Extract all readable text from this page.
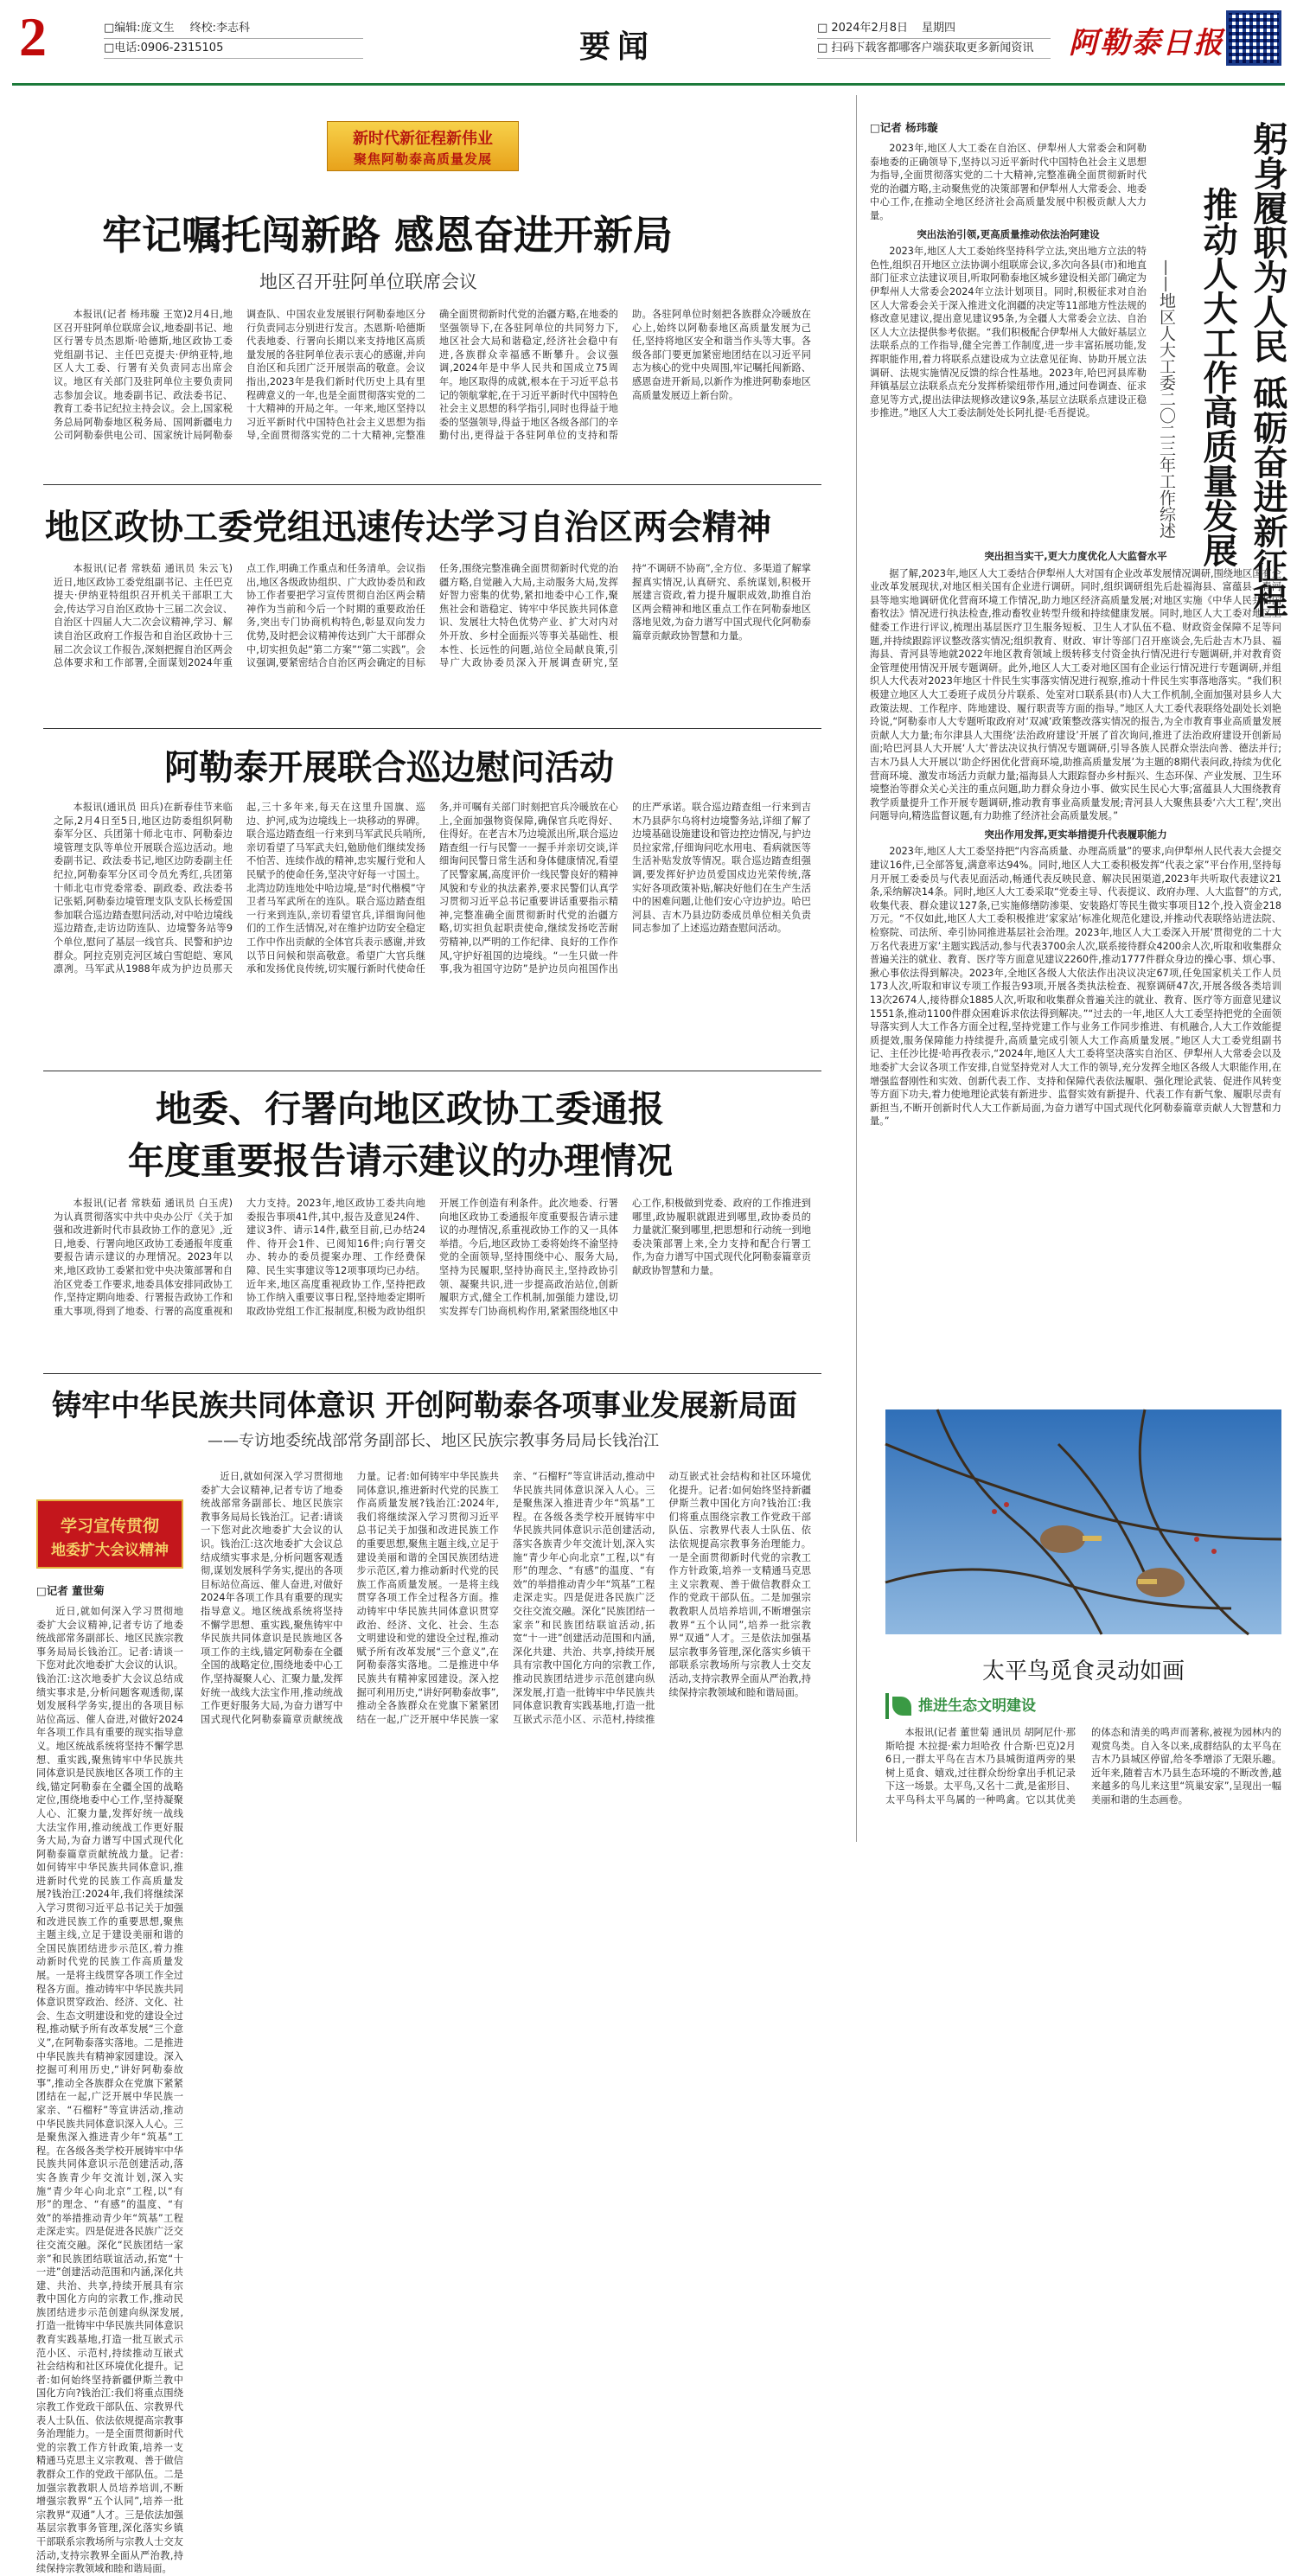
2	□编辑:庞文生 终校:李志科
□电话:0906-2315105	要闻
□ 2024年2月8日 星期四
□ 扫码下载客都哪客户端获取更多新闻资讯 阿勒泰日报
新时代新征程新伟业
聚焦阿勒泰高质量发展
牢记嘱托闯新路 感恩奋进开新局
地区召开驻阿单位联席会议

本报讯(记者 杨玮璇 王宽)2月4日,地区召开驻阿单位联席会议,地委副书记、地区行署专员杰恩斯·哈德斯,地区政协工委党组副书记、主任巴克提夫·伊纳亚特,地区人大工委、行署有关负责同志出席会议。地区有关部门及驻阿单位主要负责同志参加会议。地委副书记、政法委书记、教育工委书记纪拉主持会议。会上,国家税务总局阿勒泰地区税务局、国网新疆电力公司阿勒泰供电公司、国家统计局阿勒泰调查队、中国农业发展银行阿勒泰地区分行负责同志分别进行发言。杰恩斯·哈德斯代表地委、行署向长期以来支持地区高质量发展的各驻阿单位表示衷心的感谢,并向自治区和兵团广泛开展崇高的敬意。会议指出,2023年是我们新时代历史上具有里程碑意义的一年,也是全面贯彻落实党的二十大精神的开局之年。一年来,地区坚持以习近平新时代中国特色社会主义思想为指导,全面贯彻落实党的二十大精神,完整准确全面贯彻新时代党的治疆方略,在地委的坚强领导下,在各驻阿单位的共同努力下,地区社会大局和谐稳定,经济社会稳中有进,各族群众幸福感不断攀升。会议强调,2024年是中华人民共和国成立75周年。地区取得的成就,根本在于习近平总书记的领航掌舵,在于习近平新时代中国特色社会主义思想的科学指引,同时也得益于地委的坚强领导,得益于地区各级各部门的辛勤付出,更得益于各驻阿单位的支持和帮助。各驻阿单位时刻把各族群众冷暖放在心上,始终以阿勒泰地区高质量发展为己任,坚持将地区安全和谐当作头等大事。各级各部门要更加紧密地团结在以习近平同志为核心的党中央周围,牢记嘱托闯新路、感恩奋进开新局,以新作为推进阿勒泰地区高质量发展迈上新台阶。

地区政协工委党组迅速传达学习自治区两会精神

本报讯(记者 常轶茹 通讯员 朱云飞)近日,地区政协工委党组副书记、主任巴克提夫·伊纳亚特组织召开机关干部职工大会,传达学习自治区政协十三届二次会议、自治区十四届人大二次会议精神,学习、解读自治区政府工作报告和自治区政协十三届二次会议工作报告,深刻把握自治区两会总体要求和工作部署,全面谋划2024年重点工作,明确工作重点和任务清单。会议指出,地区各级政协组织、广大政协委员和政协工作者要把学习宣传贯彻自治区两会精神作为当前和今后一个时期的重要政治任务,突出专门协商机构特色,彰显双向发力优势,及时把会议精神传达到广大干部群众中,切实担负起“第二方案”“第二实践”。会议强调,要紧密结合自治区两会确定的目标任务,围绕完整准确全面贯彻新时代党的治疆方略,自觉融入大局,主动服务大局,发挥好智力密集的优势,紧扣地委中心工作,聚焦社会和谐稳定、铸牢中华民族共同体意识、发展壮大特色优势产业、扩大对内对外开放、乡村全面振兴等事关基础性、根本性、长远性的问题,站位全局献良策,引导广大政协委员深入开展调查研究,坚持“不调研不协商”,全方位、多渠道了解掌握真实情况,认真研究、系统谋划,积极开展建言资政,着力提升履职成效,助推自治区两会精神和地区重点工作在阿勒泰地区落地见效,为奋力谱写中国式现代化阿勒泰篇章贡献政协智慧和力量。

阿勒泰开展联合巡边慰问活动

本报讯(通讯员 田兵)在新春佳节来临之际,2月4日至5日,地区边防委组织阿勒泰军分区、兵团第十师北屯市、阿勒泰边境管理支队等单位开展联合巡边活动。地委副书记、政法委书记,地区边防委副主任纪拉,阿勒泰军分区司令员允秀红,兵团第十师北屯市党委常委、副政委、政法委书记张韬,阿勒泰边境管理支队支队长杨爱国参加联合巡边踏查慰问活动,对中哈边境线巡边踏查,走访边防连队、边境警务站等9个单位,慰问了基层一线官兵、民警和护边群众。阿拉克别克河区域白雪皑皑、寒风凛冽。马军武从1988年成为护边员那天起,三十多年来,每天在这里升国旗、巡边、护河,成为边境线上一块移动的界碑。联合巡边踏查组一行来到马军武民兵哨所,亲切看望了马军武夫妇,勉励他们继续发扬不怕苦、连续作战的精神,忠实履行党和人民赋予的使命任务,坚决守好每一寸国土。北湾边防连地处中哈边境,是“时代楷模”守卫者马军武所在的连队。联合巡边踏查组一行来到连队,亲切看望官兵,详细询问他们的工作生活情况,对在维护边防安全稳定工作中作出贡献的全体官兵表示感谢,并致以节日问候和崇高敬意。希望广大官兵继承和发扬优良传统,切实履行新时代使命任务,并可嘱有关部门时刻把官兵冷暖放在心上,全面加强物资保障,确保官兵吃得好、住得好。在老吉木乃边境派出所,联合巡边踏查组一行与民警一一握手并亲切交谈,详细询问民警日常生活和身体健康情况,看望了民警家属,高度评价一线民警良好的精神风貌和专业的执法素养,要求民警们认真学习贯彻习近平总书记重要讲话重要指示精神,完整准确全面贯彻新时代党的治疆方略,切实担负起职责使命,继续发扬吃苦耐劳精神,以严明的工作纪律、良好的工作作风,守护好祖国的边境线。“一生只做一件事,我为祖国守边防”是护边员向祖国作出的庄严承诺。联合巡边踏查组一行来到吉木乃县萨尔乌将村边境警务站,详细了解了边境基础设施建设和管边控边情况,与护边员拉家常,仔细询问吃水用电、看病就医等生活补贴发放等情况。联合巡边踏查组强调,要发挥好护边员爱国戍边光荣传统,落实好各项政策补贴,解决好他们在生产生活中的困难问题,让他们安心守边护边。哈巴河县、吉木乃县边防委成员单位相关负责同志参加了上述巡边踏查慰问活动。

地委、行署向地区政协工委通报
年度重要报告请示建议的办理情况

本报讯(记者 常轶茹 通讯员 白玉虎)为认真贯彻落实中共中央办公厅《关于加强和改进新时代市县政协工作的意见》,近日,地委、行署向地区政协工委通报年度重要报告请示建议的办理情况。2023年以来,地区政协工委紧扣党中央决策部署和自治区党委工作要求,地委具体安排同政协工作,坚持定期向地委、行署报告政协工作和重大事项,得到了地委、行署的高度重视和大力支持。2023年,地区政协工委共向地委报告事项41件,其中,报告及意见24件、建议3件、请示14件,截至目前,已办结24件、待开会1件、已阅知16件;向行署交办、转办的委员提案办理、工作经费保障、民生实事建议等12项事项均已办结。近年来,地区高度重视政协工作,坚持把政协工作纳入重要议事日程,坚持地委定期听取政协党组工作汇报制度,积极为政协组织开展工作创造有利条件。此次地委、行署向地区政协工委通报年度重要报告请示建议的办理情况,系重视政协工作的又一具体举措。今后,地区政协工委将始终不渝坚持党的全面领导,坚持围绕中心、服务大局,坚持为民履职,坚持协商民主,坚持政协引领、凝聚共识,进一步提高政治站位,创新履职方式,健全工作机制,加强能力建设,切实发挥专门协商机构作用,紧紧围绕地区中心工作,积极做到党委、政府的工作推进到哪里,政协履职就跟进到哪里,政协委员的力量就汇聚到哪里,把思想和行动统一到地委决策部署上来,全力支持和配合行署工作,为奋力谱写中国式现代化阿勒泰篇章贡献政协智慧和力量。

铸牢中华民族共同体意识 开创阿勒泰各项事业发展新局面
——专访地委统战部常务副部长、地区民族宗教事务局局长钱治江
学习宣传贯彻
地委扩大会议精神
□记者 董世菊

近日,就如何深入学习贯彻地委扩大会议精神,记者专访了地委统战部常务副部长、地区民族宗教事务局局长钱治江。记者:请谈一下您对此次地委扩大会议的认识。钱治江:这次地委扩大会议总结成绩实事求是,分析问题客观透彻,谋划发展科学务实,提出的各项目标站位高远、催人奋进,对做好2024年各项工作具有重要的现实指导意义。地区统战系统将坚持不懈学思想、重实践,聚焦铸牢中华民族共同体意识是民族地区各项工作的主线,锚定阿勒泰在全疆全国的战略定位,围绕地委中心工作,坚持凝聚人心、汇聚力量,发挥好统一战线大法宝作用,推动统战工作更好服务大局,为奋力谱写中国式现代化阿勒泰篇章贡献统战力量。记者:如何铸牢中华民族共同体意识,推进新时代党的民族工作高质量发展?钱治江:2024年,我们将继续深入学习贯彻习近平总书记关于加强和改进民族工作的重要思想,聚焦主题主线,立足于建设美丽和谐的全国民族团结进步示范区,着力推动新时代党的民族工作高质量发展。一是将主线贯穿各项工作全过程各方面。推动铸牢中华民族共同体意识贯穿政治、经济、文化、社会、生态文明建设和党的建设全过程,推动赋予所有改革发展“三个意义”,在阿勒泰落实落地。二是推进中华民族共有精神家园建设。深入挖掘可利用历史,“讲好阿勒泰故事”,推动全各族群众在党旗下紧紧团结在一起,广泛开展中华民族一家亲、“石榴籽”等宣讲活动,推动中华民族共同体意识深入人心。三是聚焦深入推进青少年“筑基”工程。在各级各类学校开展铸牢中华民族共同体意识示范创建活动,落实各族青少年交流计划,深入实施“青少年心向北京”工程,以“有形”的理念、“有感”的温度、“有效”的举措推动青少年“筑基”工程走深走实。四是促进各民族广泛交往交流交融。深化“民族团结一家亲”和民族团结联谊活动,拓宽“十一进”创建活动范围和内涵,深化共建、共治、共享,持续开展具有宗教中国化方向的宗教工作,推动民族团结进步示范创建向纵深发展,打造一批铸牢中华民族共同体意识教育实践基地,打造一批互嵌式示范小区、示范村,持续推动互嵌式社会结构和社区环境优化提升。记者:如何始终坚持新疆伊斯兰教中国化方向?钱治江:我们将重点围绕宗教工作党政干部队伍、宗教界代表人士队伍、依法依规提高宗教事务治理能力。一是全面贯彻新时代党的宗教工作方针政策,培养一支精通马克思主义宗教观、善于做信教群众工作的党政干部队伍。二是加强宗教教职人员培养培训,不断增强宗教界“五个认同”,培养一批宗教界“双通”人才。三是依法加强基层宗教事务管理,深化落实乡镇干部联系宗教场所与宗教人士交友活动,支持宗教界全面从严治教,持续保持宗教领域和睦和谐局面。

近日,就如何深入学习贯彻地委扩大会议精神,记者专访了地委统战部常务副部长、地区民族宗教事务局局长钱治江。记者:请谈一下您对此次地委扩大会议的认识。钱治江:这次地委扩大会议总结成绩实事求是,分析问题客观透彻,谋划发展科学务实,提出的各项目标站位高远、催人奋进,对做好2024年各项工作具有重要的现实指导意义。地区统战系统将坚持不懈学思想、重实践,聚焦铸牢中华民族共同体意识是民族地区各项工作的主线,锚定阿勒泰在全疆全国的战略定位,围绕地委中心工作,坚持凝聚人心、汇聚力量,发挥好统一战线大法宝作用,推动统战工作更好服务大局,为奋力谱写中国式现代化阿勒泰篇章贡献统战力量。记者:如何铸牢中华民族共同体意识,推进新时代党的民族工作高质量发展?钱治江:2024年,我们将继续深入学习贯彻习近平总书记关于加强和改进民族工作的重要思想,聚焦主题主线,立足于建设美丽和谐的全国民族团结进步示范区,着力推动新时代党的民族工作高质量发展。一是将主线贯穿各项工作全过程各方面。推动铸牢中华民族共同体意识贯穿政治、经济、文化、社会、生态文明建设和党的建设全过程,推动赋予所有改革发展“三个意义”,在阿勒泰落实落地。二是推进中华民族共有精神家园建设。深入挖掘可利用历史,“讲好阿勒泰故事”,推动全各族群众在党旗下紧紧团结在一起,广泛开展中华民族一家亲、“石榴籽”等宣讲活动,推动中华民族共同体意识深入人心。三是聚焦深入推进青少年“筑基”工程。在各级各类学校开展铸牢中华民族共同体意识示范创建活动,落实各族青少年交流计划,深入实施“青少年心向北京”工程,以“有形”的理念、“有感”的温度、“有效”的举措推动青少年“筑基”工程走深走实。四是促进各民族广泛交往交流交融。深化“民族团结一家亲”和民族团结联谊活动,拓宽“十一进”创建活动范围和内涵,深化共建、共治、共享,持续开展具有宗教中国化方向的宗教工作,推动民族团结进步示范创建向纵深发展,打造一批铸牢中华民族共同体意识教育实践基地,打造一批互嵌式示范小区、示范村,持续推动互嵌式社会结构和社区环境优化提升。记者:如何始终坚持新疆伊斯兰教中国化方向?钱治江:我们将重点围绕宗教工作党政干部队伍、宗教界代表人士队伍、依法依规提高宗教事务治理能力。一是全面贯彻新时代党的宗教工作方针政策,培养一支精通马克思主义宗教观、善于做信教群众工作的党政干部队伍。二是加强宗教教职人员培养培训,不断增强宗教界“五个认同”,培养一批宗教界“双通”人才。三是依法加强基层宗教事务管理,深化落实乡镇干部联系宗教场所与宗教人士交友活动,支持宗教界全面从严治教,持续保持宗教领域和睦和谐局面。

躬身履职为人民 砥砺奋进新征程
推动人大工作高质量发展
——地区人大工委二〇二三年工作综述
□记者 杨玮璇

2023年,地区人大工委在自治区、伊犁州人大常委会和阿勒泰地委的正确领导下,坚持以习近平新时代中国特色社会主义思想为指导,全面贯彻落实党的二十大精神,完整准确全面贯彻新时代党的治疆方略,主动聚焦党的决策部署和伊犁州人大常委会、地委中心工作,在推动全地区经济社会高质量发展中积极贡献人大力量。

突出法治引领,更高质量推动依法治阿建设

2023年,地区人大工委始终坚持科学立法,突出地方立法的特色性,组织召开地区立法协调小组联席会议,多次向各县(市)和地直部门征求立法建议项目,听取阿勒泰地区城乡建设相关部门确定为伊犁州人大常委会2024年立法计划项目。同时,积极征求对自治区人大常委会关于深入推进文化润疆的决定等11部地方性法规的修改意见建议,提出意见建议95条,为全疆人大常委会立法、自治区人大立法提供参考依据。“我们积极配合伊犁州人大做好基层立法联系点的工作指导,健全完善工作制度,进一步丰富拓展功能,发挥职能作用,着力将联系点建设成为立法意见征询、协助开展立法调研、法规实施情况反馈的综合性基地。2023年,哈巴河县库勒拜镇基层立法联系点充分发挥桥梁纽带作用,通过问卷调查、征求意见等方式,提出法律法规修改建议9条,基层立法联系点建设正稳步推进。”地区人大工委法制处处长阿扎提·毛吾提说。

突出担当实干,更大力度优化人大监督水平

据了解,2023年,地区人大工委结合伊犁州人大对国有企业改革发展情况调研,围绕地区国有企业改革发展现状,对地区相关国有企业进行调研。同时,组织调研组先后赴福海县、富蕴县、青河县等地实地调研优化营商环境工作情况,助力地区经济高质量发展;对地区实施《中华人民共和国畜牧法》情况进行执法检查,推动畜牧业转型升级和持续健康发展。同时,地区人大工委对地区卫健委工作进行评议,梳理出基层医疗卫生服务短板、卫生人才队伍不稳、财政资金保障不足等问题,并持续跟踪评议整改落实情况;组织教育、财政、审计等部门召开座谈会,先后赴吉木乃县、福海县、青河县等地就2022年地区教育领域上级转移支付资金执行情况进行专题调研,并对教育资金管理使用情况开展专题调研。此外,地区人大工委对地区国有企业运行情况进行专题调研,并组织人大代表对2023年地区十件民生实事落实情况进行视察,推动十件民生实事落地落实。“我们积极建立地区人大工委班子成员分片联系、处室对口联系县(市)人大工作机制,全面加强对县乡人大政策法规、工作程序、阵地建设、履行职责等方面的指导。”地区人大工委代表联络处副处长刘艳玲说,“阿勒泰市人大专题听取政府对‘双减’政策整改落实情况的报告,为全市教育事业高质量发展贡献人大力量;布尔津县人大围绕‘法治政府建设’开展了首次询问,推进了法治政府建设开创新局面;哈巴河县人大开展‘人大’普法决议执行情况专题调研,引导各族人民群众崇法向善、德法并行;吉木乃县人大开展以‘助企纾困优化营商环境,助推高质量发展’为主题的8期代表问政,持续为优化营商环境、激发市场活力贡献力量;福海县人大跟踪督办乡村振兴、生态环保、产业发展、卫生环境整治等群众关心关注的重点问题,助力群众身边小事、做实民生民心大事;富蕴县人大围绕教育教学质量提升工作开展专题调研,推动教育事业高质量发展;青河县人大聚焦县委‘六大工程’,突出问题导向,精选监督议题,有力助推了经济社会高质量发展。”

突出作用发挥,更实举措提升代表履职能力

2023年,地区人大工委坚持把“内容高质量、办理高质量”的要求,向伊犁州人民代表大会提交建议16件,已全部答复,满意率达94%。同时,地区人大工委积极发挥“代表之家”平台作用,坚持每月开展工委委员与代表见面活动,畅通代表反映民意、解决民困渠道,2023年共听取代表建议21条,采纳解决14条。同时,地区人大工委采取“党委主导、代表提议、政府办理、人大监督”的方式,收集代表、群众建议127条,已实施修缮防渗渠、安装路灯等民生微实事项目12个,投入资金218万元。“不仅如此,地区人大工委积极推进‘家家站’标准化规范化建设,并推动代表联络站进法院、检察院、司法所、牵引协同推进基层社会治理。2023年,地区人大工委深入开展‘贯彻党的二十大 万名代表进万家’主题实践活动,参与代表3700余人次,联系接待群众4200余人次,听取和收集群众普遍关注的就业、教育、医疗等方面意见建议2260件,推动1777件群众身边的操心事、烦心事、揪心事依法得到解决。2023年,全地区各级人大依法作出决议决定67项,任免国家机关工作人员173人次,听取和审议专项工作报告93项,开展各类执法检查、视察调研47次,开展各级各类培训13次2674人,接待群众1885人次,听取和收集群众普遍关注的就业、教育、医疗等方面意见建议1551条,推动1100件群众困难诉求依法得到解决。”“过去的一年,地区人大工委坚持把党的全面领导落实到人大工作各方面全过程,坚持党建工作与业务工作同步推进、有机融合,人大工作效能提质提效,服务保障能力持续提升,高质量完成引领人大工作高质量发展。”地区人大工委党组副书记、主任沙比提·哈再孜表示,“2024年,地区人大工委将坚决落实自治区、伊犁州人大常委会以及地委扩大会议各项工作安排,自觉坚持党对人大工作的领导,充分发挥全地区各级人大职能作用,在增强监督刚性和实效、创新代表工作、支持和保障代表依法履职、强化理论武装、促进作风转变等方面下功夫,着力使地理论武装有新进步、监督实效有新提升、代表工作有新气象、履职尽责有新担当,不断开创新时代人大工作新局面,为奋力谱写中国式现代化阿勒泰篇章贡献人大智慧和力量。”

太平鸟觅食灵动如画
推进生态文明建设

本报讯(记者 董世菊 通讯员 胡阿尼什·那斯哈提 木拉提·索力坦哈孜 什合斯·巴克)2月6日,一群太平鸟在吉木乃县城街道两旁的果树上觅食、嬉戏,过往群众纷纷拿出手机记录下这一场景。太平鸟,又名十二黄,是雀形目、太平鸟科太平鸟属的一种鸣禽。它以其优美的体态和清美的鸣声而著称,被视为园林内的观赏鸟类。自入冬以来,成群结队的太平鸟在吉木乃县城区停留,给冬季增添了无限乐趣。近年来,随着吉木乃县生态环境的不断改善,越来越多的鸟儿来这里“筑巢安家”,呈现出一幅美丽和谐的生态画卷。
